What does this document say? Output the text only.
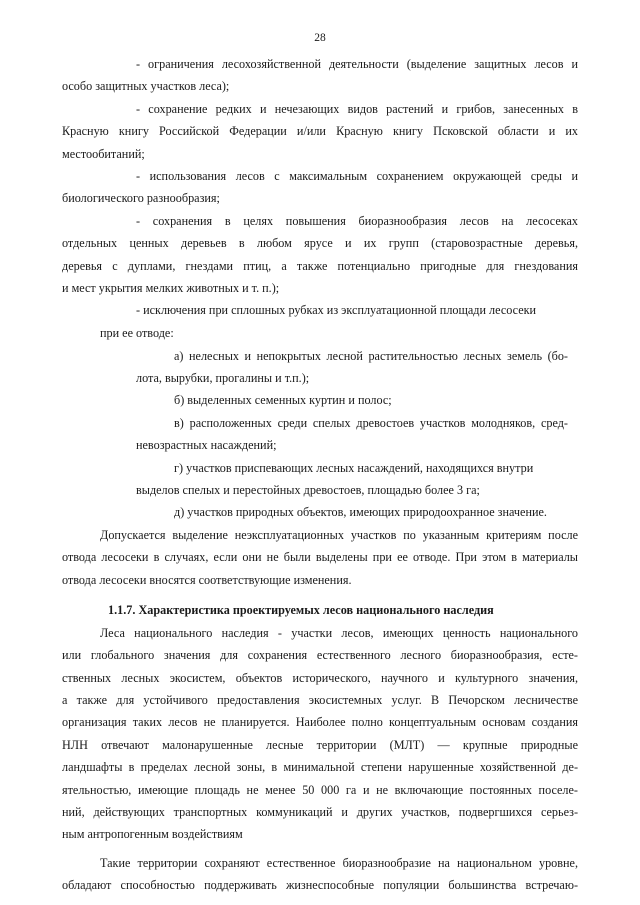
28
- ограничения лесохозяйственной деятельности (выделение защитных лесов и
особо защитных участков леса);
- сохранение редких и нечезающих видов растений и грибов, занесенных в
Красную книгу Российской Федерации и/или Красную книгу Псковской области и их
местообитаний;
- использования лесов с максимальным сохранением окружающей среды и
биологического разнообразия;
- сохранения в целях повышения биоразнообразия лесов на лесосеках
отдельных ценных деревьев в любом ярусе и их групп (старовозрастные деревья,
деревья с дуплами, гнездами птиц, а также потенциально пригодные для гнездования
и мест укрытия мелких животных и т. п.);
- исключения при сплошных рубках из эксплуатационной площади лесосеки
при ее отводе:
а) нелесных и непокрытых лесной растительностью лесных земель (бо-
лота, вырубки, прогалины и т.п.);
б) выделенных семенных куртин и полос;
в) расположенных среди спелых древостоев участков молодняков, сред-
невозрастных насаждений;
г) участков приспевающих лесных насаждений, находящихся внутри
выделов спелых и перестойных древостоев, площадью более 3 га;
д) участков природных объектов, имеющих природоохранное значение.
Допускается выделение неэксплуатационных участков по указанным критериям после
отвода лесосеки в случаях, если они не были выделены при ее отводе. При этом в материалы
отвода лесосеки вносятся соответствующие изменения.
1.1.7. Характеристика проектируемых лесов национального наследия
Леса национального наследия - участки лесов, имеющих ценность национального
или глобального значения для сохранения естественного лесного биоразнообразия, есте-
ственных лесных экосистем, объектов исторического, научного и культурного значения,
а также для устойчивого предоставления экосистемных услуг. В Печорском лесничестве
организация таких лесов не планируется. Наиболее полно концептуальным основам создания
НЛН отвечают малонарушенные лесные территории (МЛТ) — крупные природные
ландшафты в пределах лесной зоны, в минимальной степени нарушенные хозяйственной де-
ятельностью, имеющие площадь не менее 50 000 га и не включающие постоянных поселе-
ний, действующих транспортных коммуникаций и других участков, подвергшихся серьез-
ным антропогенным воздействиям
Такие территории сохраняют естественное биоразнообразие на национальном уровне,
обладают способностью поддерживать жизнеспособные популяции большинства встречаю-
